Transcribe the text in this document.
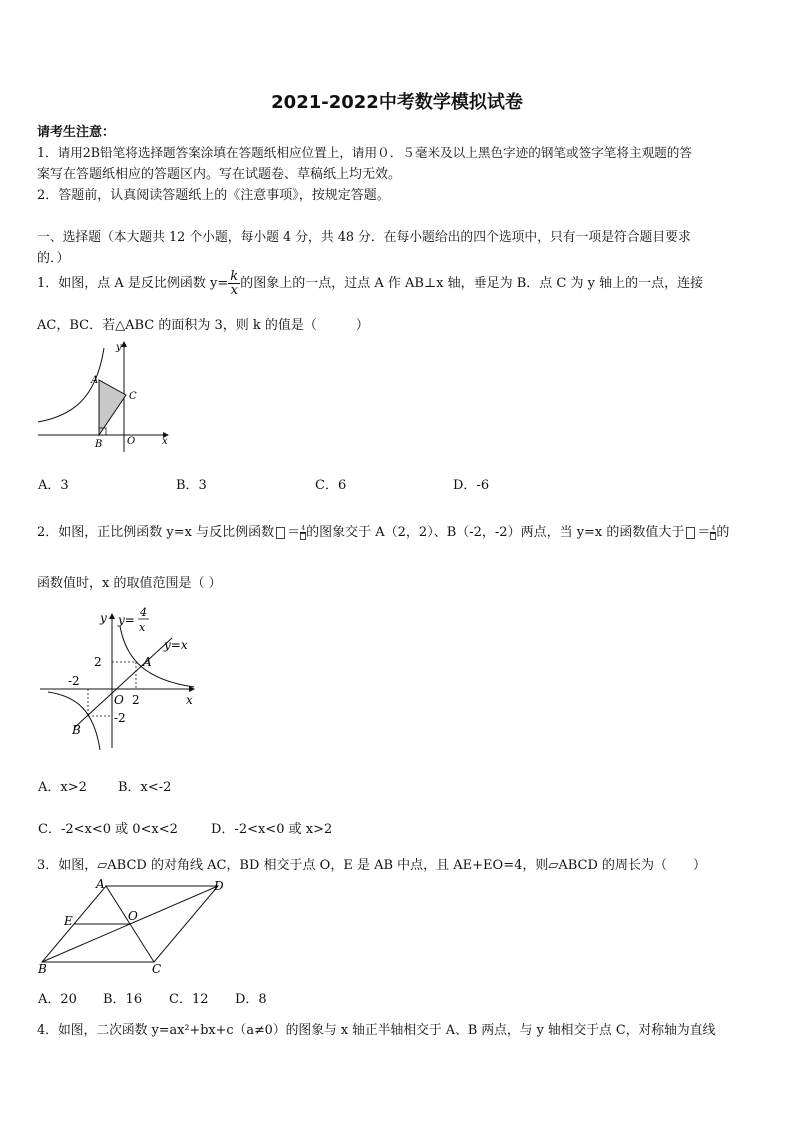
2021-2022中考数学模拟试卷
请考生注意：
1．请用2B铅笔将选择题答案涂填在答题纸相应位置上，请用０．５毫米及以上黑色字迹的钢笔或签字笔将主观题的答
案写在答题纸相应的答题区内。写在试题卷、草稿纸上均无效。
2．答题前，认真阅读答题纸上的《注意事项》，按规定答题。
一、选择题（本大题共 12 个小题，每小题 4 分，共 48 分．在每小题给出的四个选项中，只有一项是符合题目要求
的．）
1．如图，点 A 是反比例函数 $y= \frac{k}{x}$ 的图象上的一点，过点 A 作 AB⊥x 轴，垂足为 B．点 C 为 y 轴上的一点，连接
AC，BC．若△ABC 的面积为 3，则 k 的值是（　　　）
A
B
C
O
y
x
A．3	B．3	C．6	D．-6
2．如图，正比例函数 y=x 与反比例函数 ＝ 4 的图象交于 A（2，2）、B（-2，-2）两点，当 y=x 的函数值大于 ＝ 4 的
函数值时，x 的取值范围是（ ）
y
x
y=
4
x
y=x
A
B
O
2
-2
2
-2
A．x>2 B．x<-2
C．-2<x<0 或 0<x<2	D．-2<x<0 或 x>2
3．如图，▱ABCD 的对角线 AC，BD 相交于点 O，E 是 AB 中点，且 AE+EO=4，则▱ABCD 的周长为（　　）
A	D
B	C
E	O
A．20 B．16 C．12 D．8
4．如图，二次函数 y=ax²+bx+c（a≠0）的图象与 x 轴正半轴相交于 A、B 两点，与 y 轴相交于点 C，对称轴为直线
